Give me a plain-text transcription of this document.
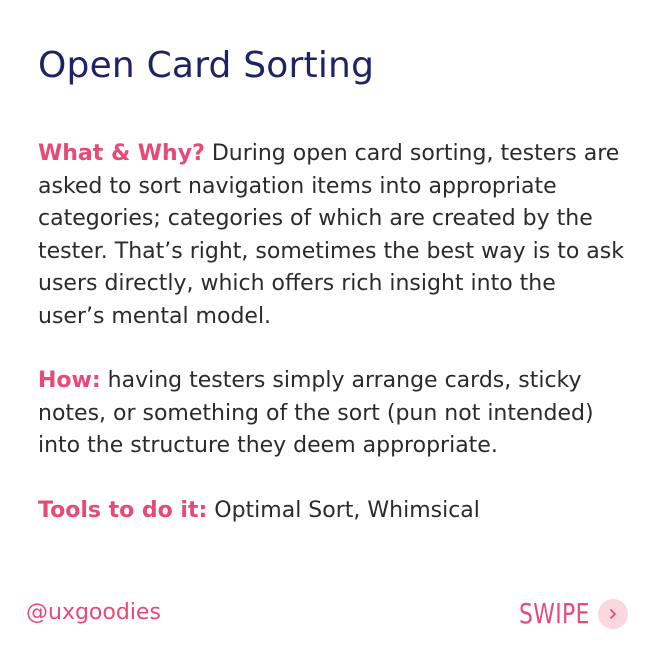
Open Card Sorting

What & Why? During open card sorting, testers are asked to sort navigation items into appropriate categories; categories of which are created by the tester. That’s right, sometimes the best way is to ask users directly, which offers rich insight into the user’s mental model.

How: having testers simply arrange cards, sticky notes, or something of the sort (pun not intended) into the structure they deem appropriate.

Tools to do it: Optimal Sort, Whimsical

@uxgoodies	SWIPE
